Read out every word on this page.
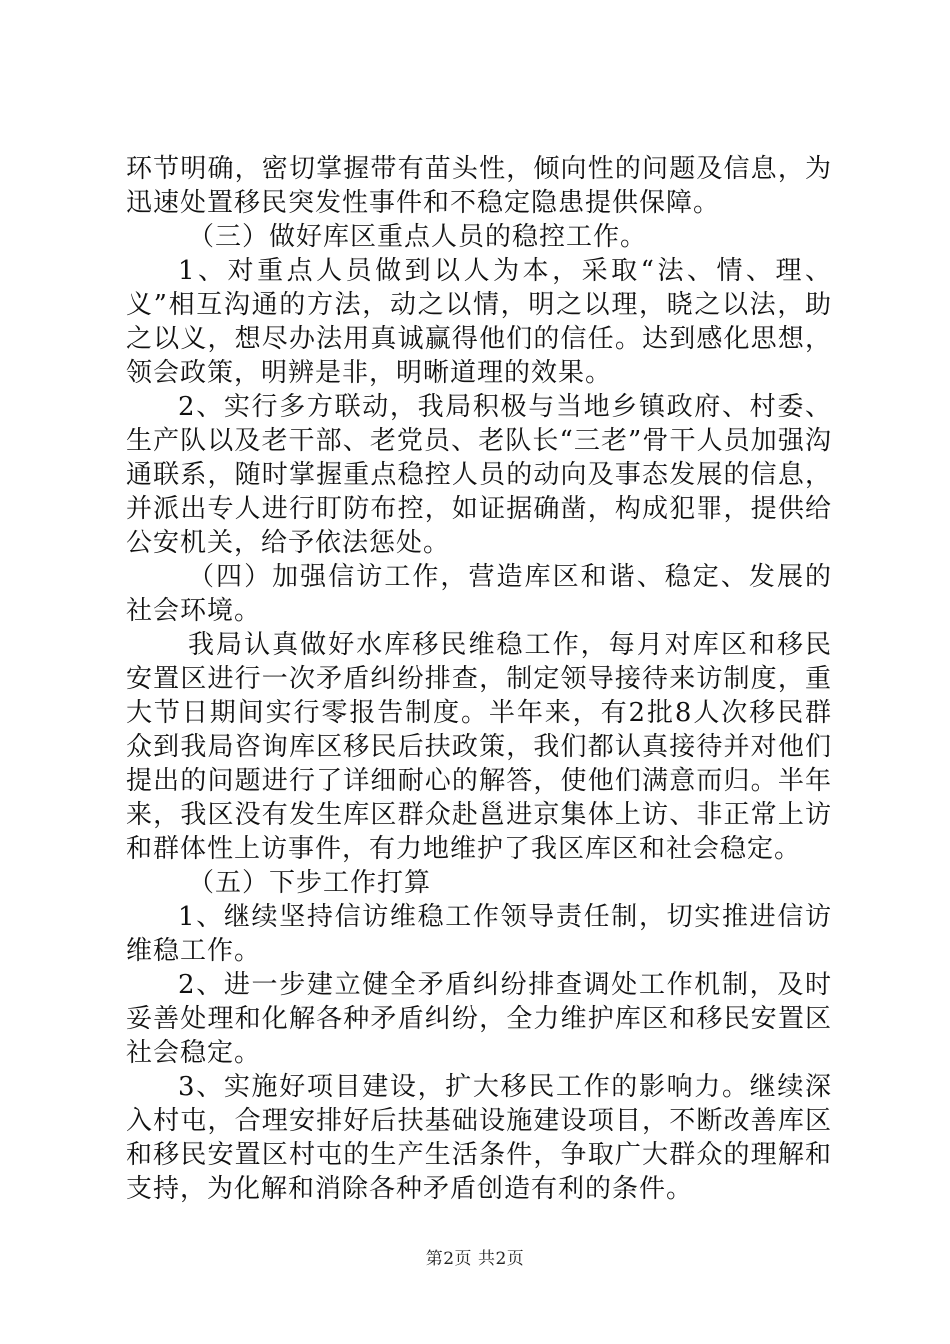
环节明确，密切掌握带有苗头性，倾向性的问题及信息，为迅速处置移民突发性事件和不稳定隐患提供保障。

（三）做好库区重点人员的稳控工作。

1、对重点人员做到以人为本，采取“法、情、理、义”相互沟通的方法，动之以情，明之以理，晓之以法，助之以义，想尽办法用真诚赢得他们的信任。达到感化思想，领会政策，明辨是非，明晰道理的效果。

2、实行多方联动，我局积极与当地乡镇政府、村委、生产队以及老干部、老党员、老队长“三老”骨干人员加强沟通联系，随时掌握重点稳控人员的动向及事态发展的信息，并派出专人进行盯防布控，如证据确凿，构成犯罪，提供给公安机关，给予依法惩处。

（四）加强信访工作，营造库区和谐、稳定、发展的社会环境。

我局认真做好水库移民维稳工作，每月对库区和移民安置区进行一次矛盾纠纷排查，制定领导接待来访制度，重大节日期间实行零报告制度。半年来，有2批8人次移民群众到我局咨询库区移民后扶政策，我们都认真接待并对他们提出的问题进行了详细耐心的解答，使他们满意而归。半年来，我区没有发生库区群众赴邕进京集体上访、非正常上访和群体性上访事件，有力地维护了我区库区和社会稳定。

（五）下步工作打算

1、继续坚持信访维稳工作领导责任制，切实推进信访维稳工作。

2、进一步建立健全矛盾纠纷排查调处工作机制，及时妥善处理和化解各种矛盾纠纷，全力维护库区和移民安置区社会稳定。

3、实施好项目建设，扩大移民工作的影响力。继续深入村屯，合理安排好后扶基础设施建设项目，不断改善库区和移民安置区村屯的生产生活条件，争取广大群众的理解和支持，为化解和消除各种矛盾创造有利的条件。

第2页 共2页
